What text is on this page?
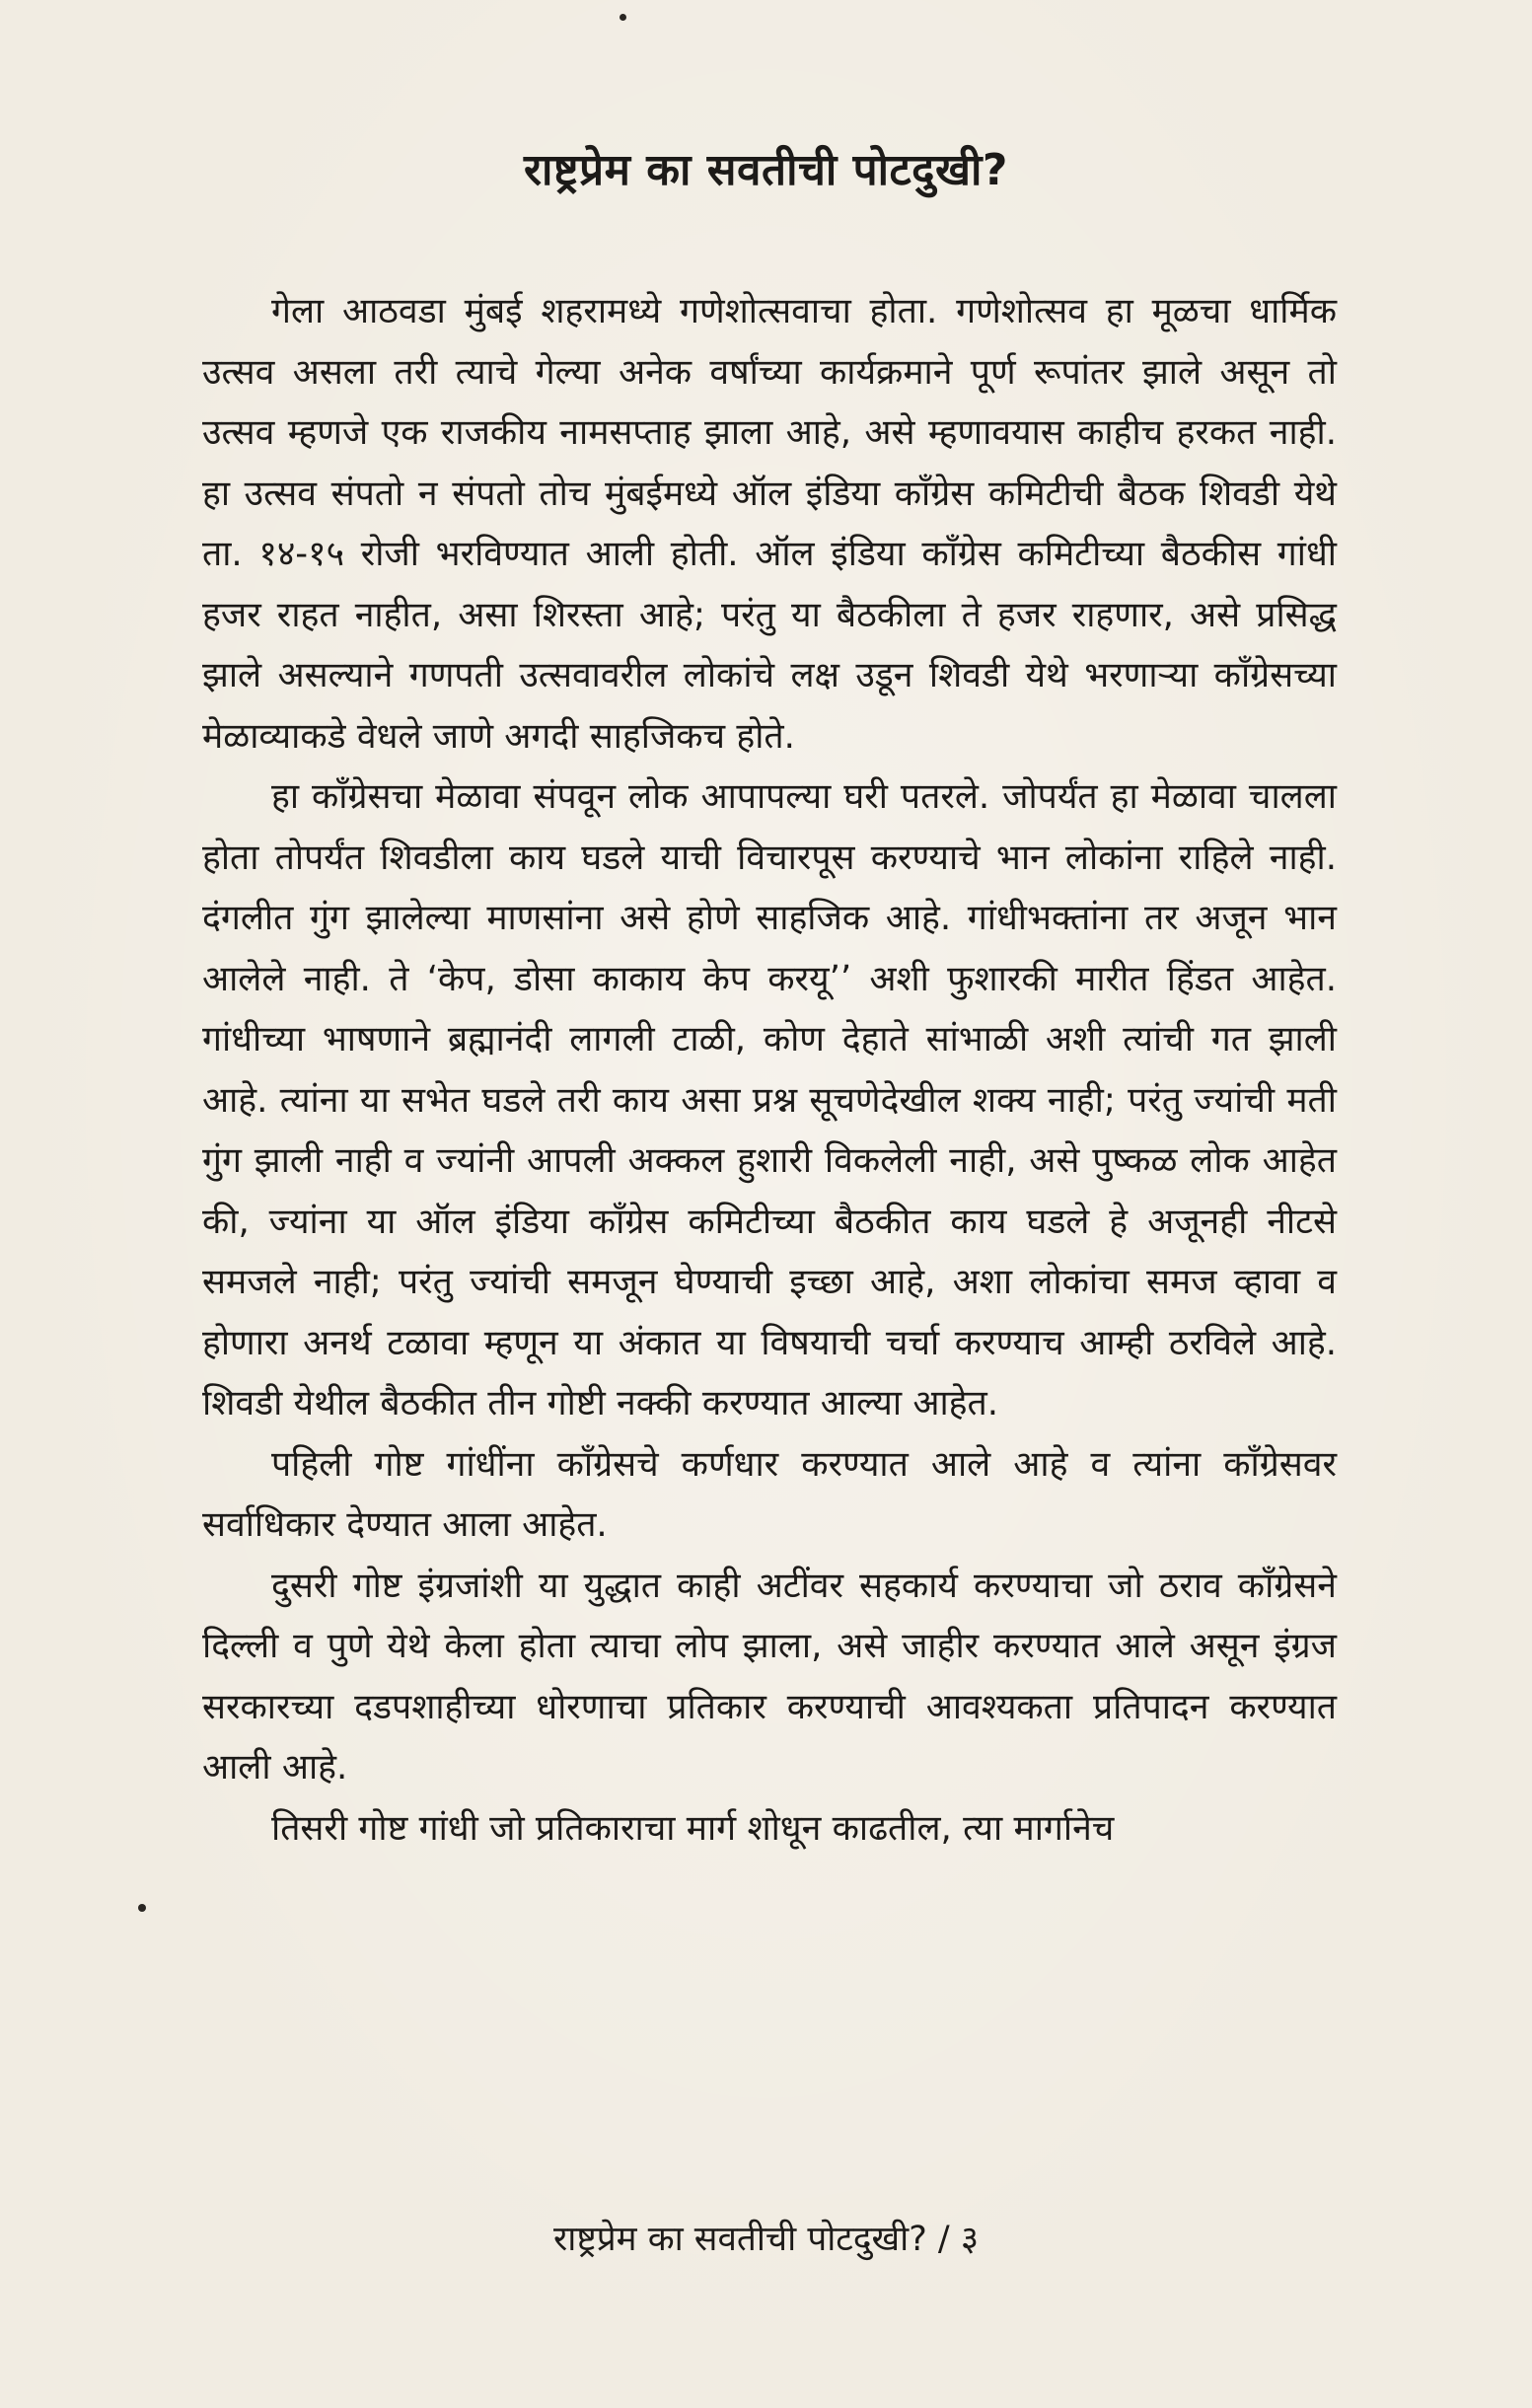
राष्ट्रप्रेम का सवतीची पोटदुखी?

गेला आठवडा मुंबई शहरामध्ये गणेशोत्सवाचा होता. गणेशोत्सव हा मूळचा धार्मिक उत्सव असला तरी त्याचे गेल्या अनेक वर्षांच्या कार्यक्रमाने पूर्ण रूपांतर झाले असून तो उत्सव म्हणजे एक राजकीय नामसप्ताह झाला आहे, असे म्हणावयास काहीच हरकत नाही. हा उत्सव संपतो न संपतो तोच मुंबईमध्ये ऑल इंडिया काँग्रेस कमिटीची बैठक शिवडी येथे ता. १४-१५ रोजी भरविण्यात आली होती. ऑल इंडिया काँग्रेस कमिटीच्या बैठकीस गांधी हजर राहत नाहीत, असा शिरस्ता आहे; परंतु या बैठकीला ते हजर राहणार, असे प्रसिद्ध झाले असल्याने गणपती उत्सवावरील लोकांचे लक्ष उडून शिवडी येथे भरणाऱ्या काँग्रेसच्या मेळाव्याकडे वेधले जाणे अगदी साहजिकच होते.

हा काँग्रेसचा मेळावा संपवून लोक आपापल्या घरी पतरले. जोपर्यंत हा मेळावा चालला होता तोपर्यंत शिवडीला काय घडले याची विचारपूस करण्याचे भान लोकांना राहिले नाही. दंगलीत गुंग झालेल्या माणसांना असे होणे साहजिक आहे. गांधीभक्तांना तर अजून भान आलेले नाही. ते ‘केप, डोसा काकाय केप करयू’’ अशी फुशारकी मारीत हिंडत आहेत. गांधीच्या भाषणाने ब्रह्मानंदी लागली टाळी, कोण देहाते सांभाळी अशी त्यांची गत झाली आहे. त्यांना या सभेत घडले तरी काय असा प्रश्न सूचणेदेखील शक्य नाही; परंतु ज्यांची मती गुंग झाली नाही व ज्यांनी आपली अक्कल हुशारी विकलेली नाही, असे पुष्कळ लोक आहेत की, ज्यांना या ऑल इंडिया काँग्रेस कमिटीच्या बैठकीत काय घडले हे अजूनही नीटसे समजले नाही; परंतु ज्यांची समजून घेण्याची इच्छा आहे, अशा लोकांचा समज व्हावा व होणारा अनर्थ टळावा म्हणून या अंकात या विषयाची चर्चा करण्याच आम्ही ठरविले आहे. शिवडी येथील बैठकीत तीन गोष्टी नक्की करण्यात आल्या आहेत.

पहिली गोष्ट गांधींना काँग्रेसचे कर्णधार करण्यात आले आहे व त्यांना काँग्रेसवर सर्वाधिकार देण्यात आला आहेत.

दुसरी गोष्ट इंग्रजांशी या युद्धात काही अटींवर सहकार्य करण्याचा जो ठराव काँग्रेसने दिल्ली व पुणे येथे केला होता त्याचा लोप झाला, असे जाहीर करण्यात आले असून इंग्रज सरकारच्या दडपशाहीच्या धोरणाचा प्रतिकार करण्याची आवश्यकता प्रतिपादन करण्यात आली आहे.

तिसरी गोष्ट गांधी जो प्रतिकाराचा मार्ग शोधून काढतील, त्या मार्गानेच

राष्ट्रप्रेम का सवतीची पोटदुखी? / ३
